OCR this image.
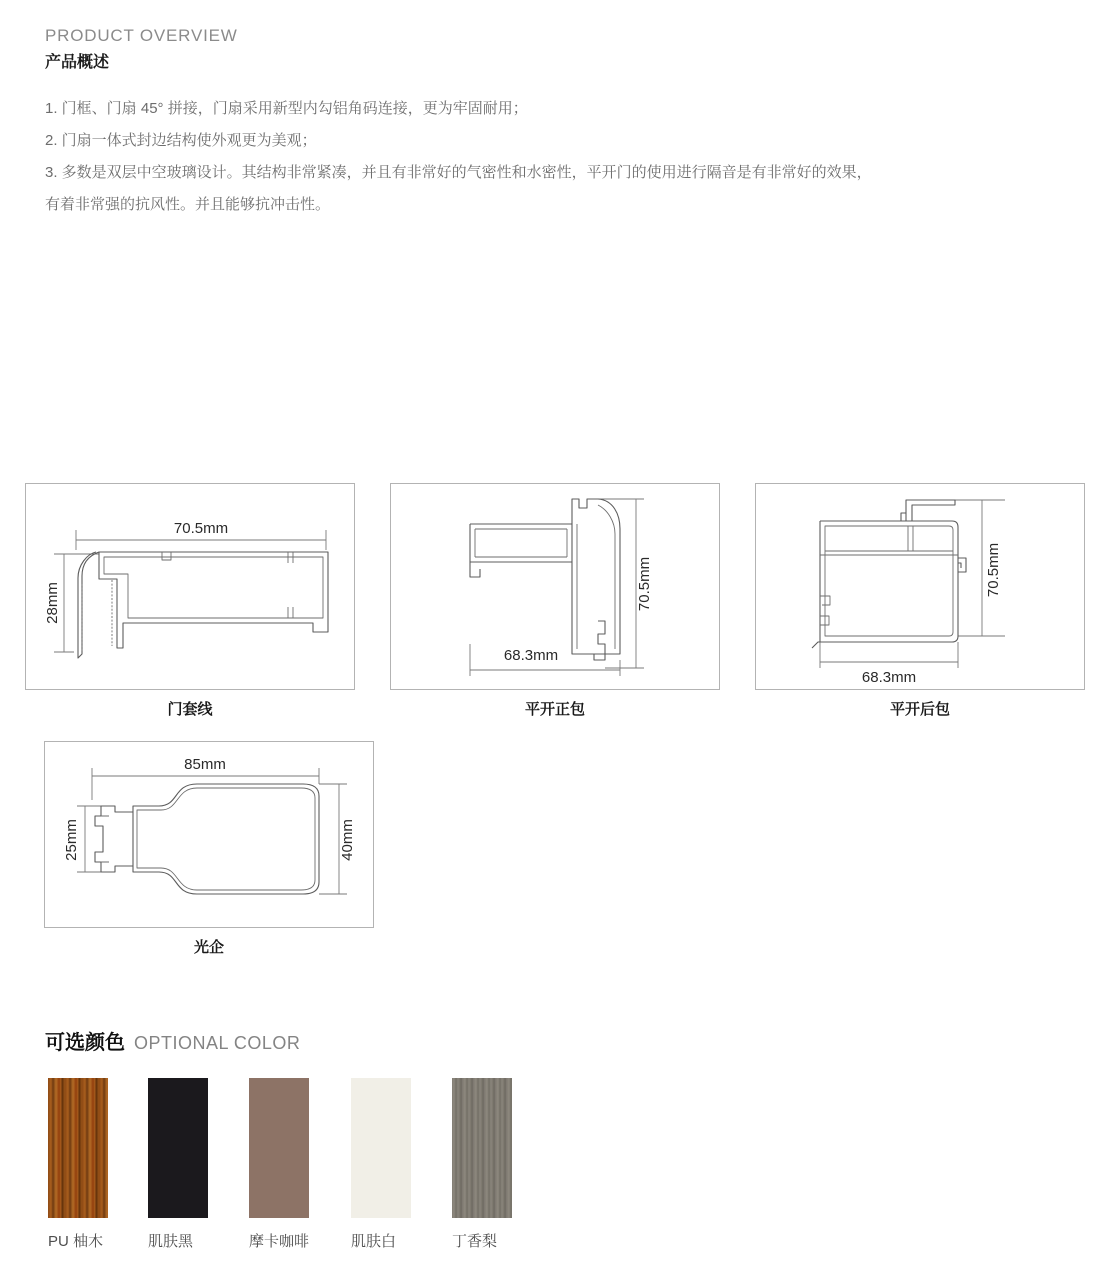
PRODUCT OVERVIEW
产品概述
1. 门框、门扇 45° 拼接，门扇采用新型内勾铝角码连接，更为牢固耐用；
2. 门扇一体式封边结构使外观更为美观；
3. 多数是双层中空玻璃设计。其结构非常紧凑，并且有非常好的气密性和水密性，平开门的使用进行隔音是有非常好的效果，
有着非常强的抗风性。并且能够抗冲击性。
70.5mm
28mm
门套线
70.5mm
68.3mm
平开正包
70.5mm
68.3mm
平开后包
85mm
25mm	40mm
光企
可选颜色 OPTIONAL COLOR
PU 柚木	肌肤黑	摩卡咖啡	肌肤白	丁香梨
